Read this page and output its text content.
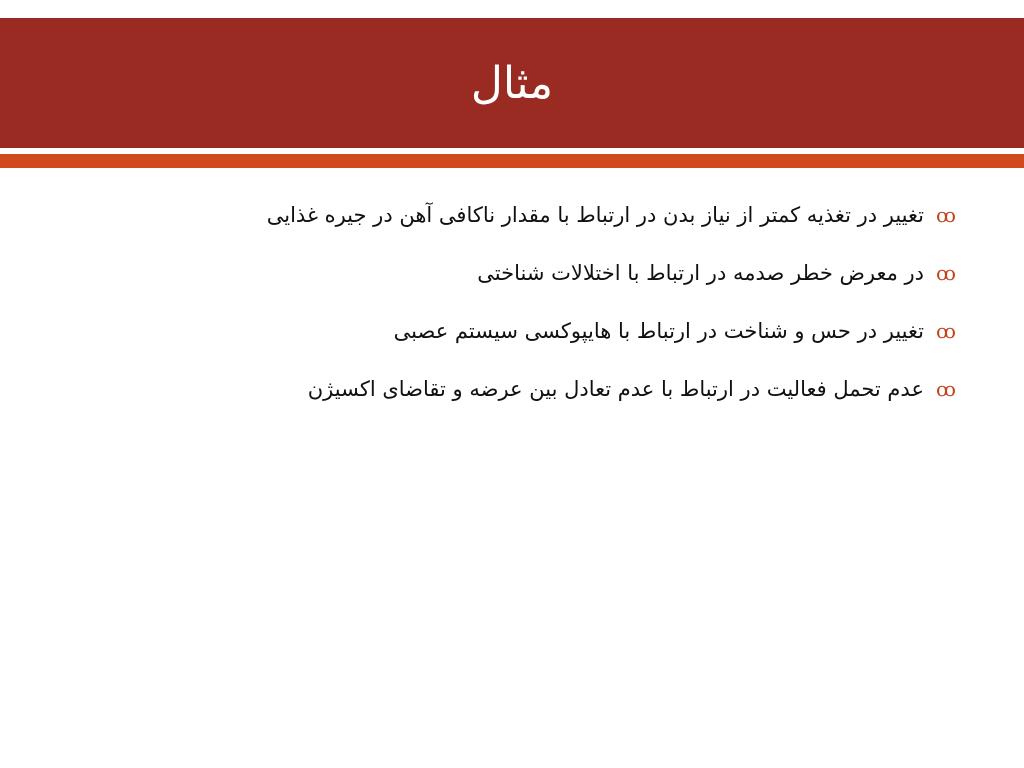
مثال
ꝏ
تغییر در تغذیه کمتر از نیاز بدن در ارتباط با مقدار ناکافی آهن در جیره غذایی
ꝏ
در معرض خطر صدمه در ارتباط با اختلالات شناختی
ꝏ
تغییر در حس و شناخت در ارتباط با هایپوکسی سیستم عصبی
ꝏ
عدم تحمل فعالیت در ارتباط با عدم تعادل بین عرضه و تقاضای اکسیژن
